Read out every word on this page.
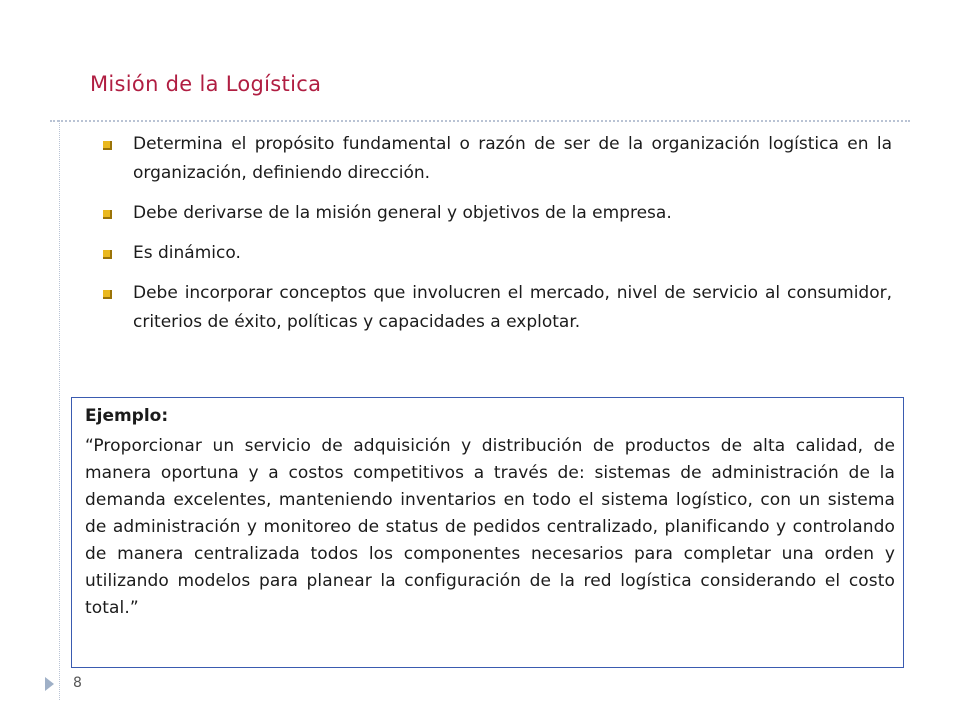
Misión de la Logística
Determina el propósito fundamental o razón de ser de la organización logística en la organización, definiendo dirección.
Debe derivarse de la misión general y objetivos de la empresa.
Es dinámico.
Debe incorporar conceptos que involucren el mercado, nivel de servicio al consumidor, criterios de éxito, políticas y capacidades a explotar.

Ejemplo:

“Proporcionar un servicio de adquisición y distribución de productos de alta calidad, de manera oportuna y a costos competitivos a través de: sistemas de administración de la demanda excelentes, manteniendo inventarios en todo el sistema logístico, con un sistema de administración y monitoreo de status de pedidos centralizado, planificando y controlando de manera centralizada todos los componentes necesarios para completar una orden y utilizando modelos para planear la configuración de la red logística considerando el costo total.”

8
